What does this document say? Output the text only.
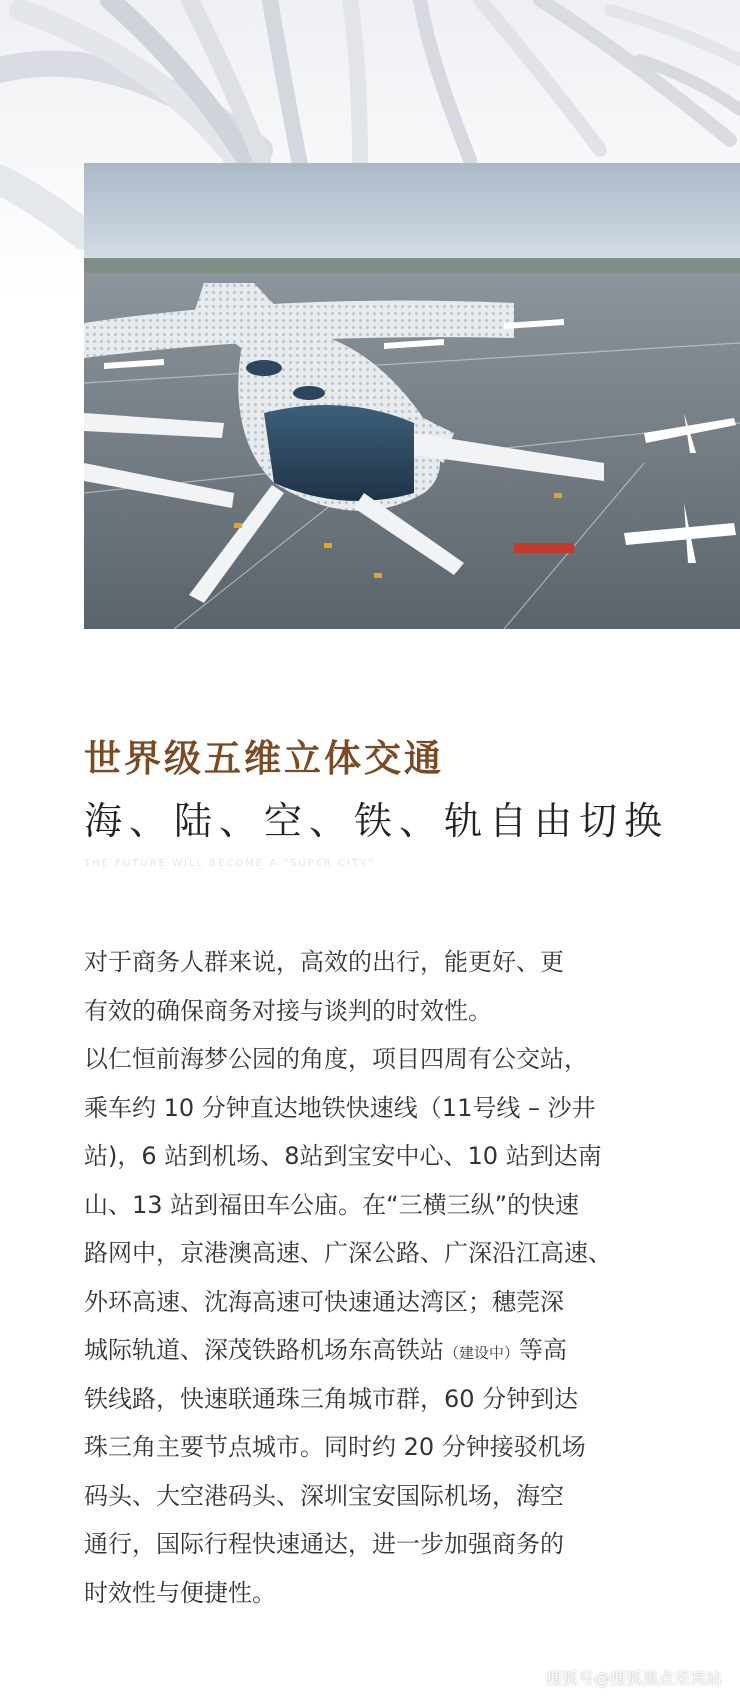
世界级五维立体交通
海、陆、空、铁、轨自由切换
THE FUTURE WILL BECOME A "SUPER CITY"
对于商务人群来说，高效的出行，能更好、更
有效的确保商务对接与谈判的时效性。
以仁恒前海梦公园的角度，项目四周有公交站，
乘车约 10 分钟直达地铁快速线（11号线 – 沙井
站)，6 站到机场、8站到宝安中心、10 站到达南
山、13 站到福田车公庙。在“三横三纵”的快速
路网中，京港澳高速、广深公路、广深沿江高速、
外环高速、沈海高速可快速通达湾区；穗莞深
城际轨道、深茂铁路机场东高铁站（建设中）等高
铁线路，快速联通珠三角城市群，60 分钟到达
珠三角主要节点城市。同时约 20 分钟接驳机场
码头、大空港码头、深圳宝安国际机场，海空
通行，国际行程快速通达，进一步加强商务的
时效性与便捷性。
搜狐号@搜狐黑点采宾站
